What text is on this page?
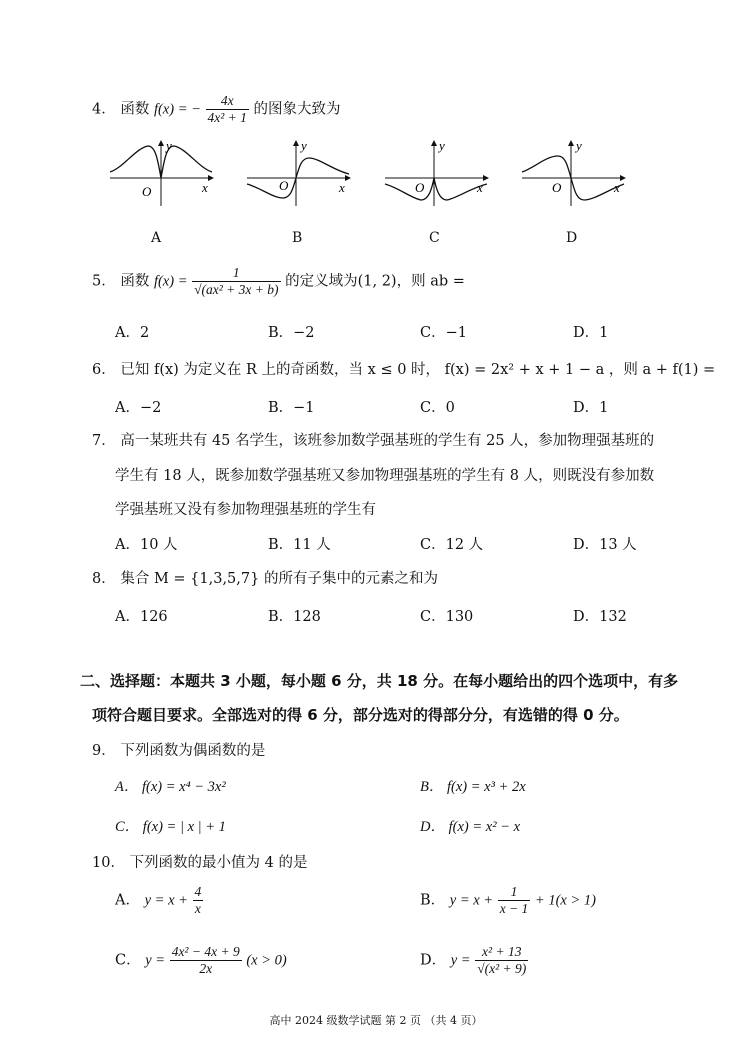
4． 函数 f(x) = − $\frac{4x}{\text{4x² + 1}}$ 的图象大致为
y
x
O
A
y
x
O
B
y
x
O
C
y
x
O
D
5． 函数 $f(x) = \frac{1}{\text{√(ax² + 3x + b)}}$ 的定义域为(1, 2)，则 ab =
A．2	B．−2	C．−1	D．1
6． 已知 f(x) 为定义在 R 上的奇函数，当 x ≤ 0 时， f(x) = 2x² + x + 1 − a ，则 a + f(1) =
A．−2	B．−1	C．0	D．1
7． 高一某班共有 45 名学生，该班参加数学强基班的学生有 25 人，参加物理强基班的
学生有 18 人，既参加数学强基班又参加物理强基班的学生有 8 人，则既没有参加数
学强基班又没有参加物理强基班的学生有
A．10 人	B．11 人	C．12 人	D．13 人
8． 集合 M = {1,3,5,7} 的所有子集中的元素之和为
A．126	B．128	C．130	D．132
二、选择题：本题共 3 小题，每小题 6 分，共 18 分。在每小题给出的四个选项中，有多
项符合题目要求。全部选对的得 6 分，部分选对的得部分分，有选错的得 0 分。
9． 下列函数为偶函数的是
A． f(x) = x⁴ − 3x²	B． f(x) = x³ + 2x
C． f(x) = | x | + 1	D． f(x) = x² − x
10． 下列函数的最小值为 4 的是
A． $y = x + \frac{4}{x}$	B． $y = x + \frac{1}{x - 1} + 1(x > 1)$
C． $y = \frac{\text{4x² − 4x + 9}}{2x} (x > 0)$	D． $y = \frac{\text{x² + 13}}{\text{√(x² + 9)}}$
高中 2024 级数学试题 第 2 页 （共 4 页）
